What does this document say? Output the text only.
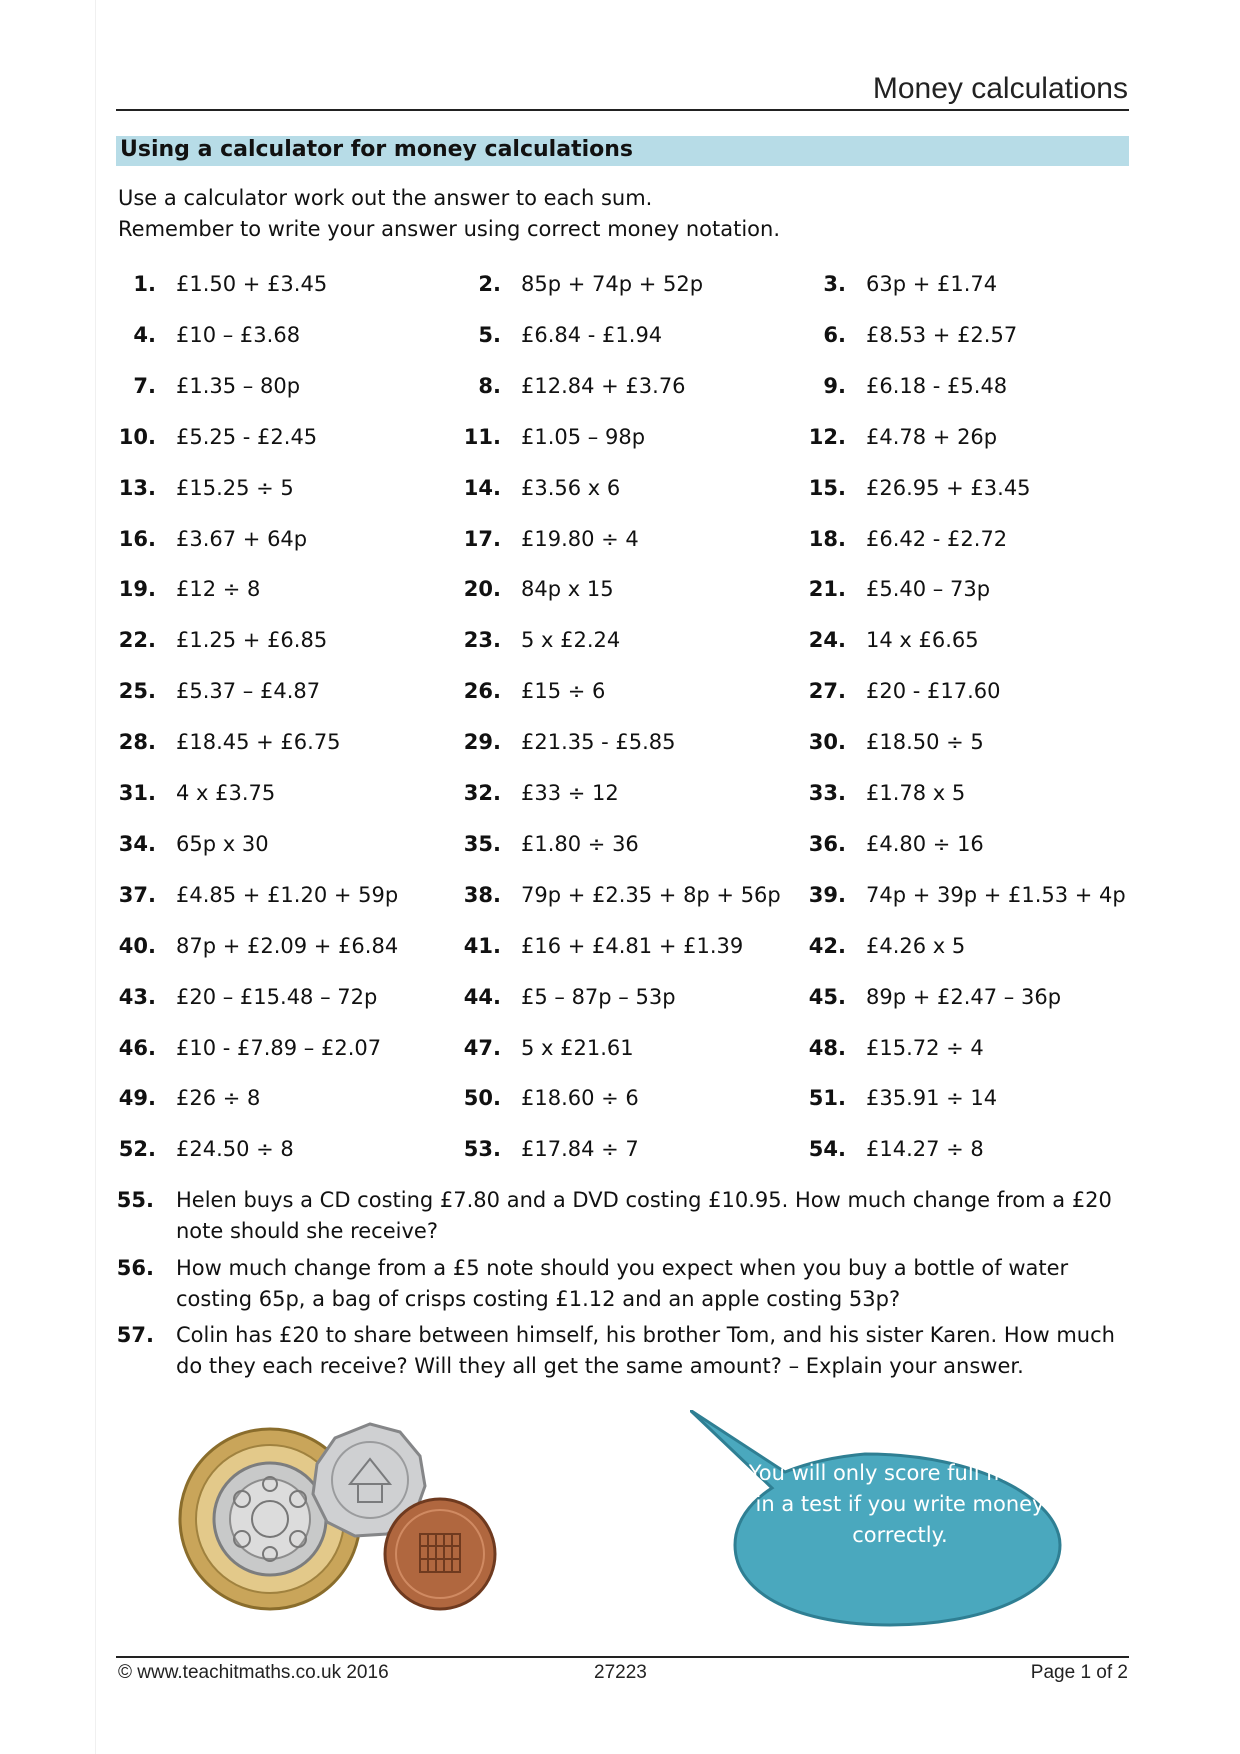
Money calculations
Using a calculator for money calculations
Use a calculator work out the answer to each sum.
Remember to write your answer using correct money notation.
1. £1.50 + £3.45	2. 85p + 74p + 52p	3. 63p + £1.74
4. £10 – £3.68	5. £6.84 - £1.94	6. £8.53 + £2.57
7. £1.35 – 80p	8. £12.84 + £3.76	9. £6.18 - £5.48
10. £5.25 - £2.45	11. £1.05 – 98p	12. £4.78 + 26p
13. £15.25 ÷ 5	14. £3.56 x 6	15. £26.95 + £3.45
16. £3.67 + 64p	17. £19.80 ÷ 4	18. £6.42 - £2.72
19. £12 ÷ 8	20. 84p x 15	21. £5.40 – 73p
22. £1.25 + £6.85	23. 5 x £2.24	24. 14 x £6.65
25. £5.37 – £4.87	26. £15 ÷ 6	27. £20 - £17.60
28. £18.45 + £6.75	29. £21.35 - £5.85	30. £18.50 ÷ 5
31. 4 x £3.75	32. £33 ÷ 12	33. £1.78 x 5
34. 65p x 30	35. £1.80 ÷ 36	36. £4.80 ÷ 16
37. £4.85 + £1.20 + 59p	38. 79p + £2.35 + 8p + 56p	39. 74p + 39p + £1.53 + 4p
40. 87p + £2.09 + £6.84	41. £16 + £4.81 + £1.39	42. £4.26 x 5
43. £20 – £15.48 – 72p	44. £5 – 87p – 53p	45. 89p + £2.47 – 36p
46. £10 - £7.89 – £2.07	47. 5 x £21.61	48. £15.72 ÷ 4
49. £26 ÷ 8	50. £18.60 ÷ 6	51. £35.91 ÷ 14
52. £24.50 ÷ 8	53. £17.84 ÷ 7	54. £14.27 ÷ 8
55. Helen buys a CD costing £7.80 and a DVD costing £10.95. How much change from a £20 note should she receive?
56. How much change from a £5 note should you expect when you buy a bottle of water costing 65p, a bag of crisps costing £1.12 and an apple costing 53p?
57. Colin has £20 to share between himself, his brother Tom, and his sister Karen. How much do they each receive? Will they all get the same amount? – Explain your answer.
You will only score full marks in a test if you write money correctly.
© www.teachitmaths.co.uk 2016	27223	Page 1 of 2
